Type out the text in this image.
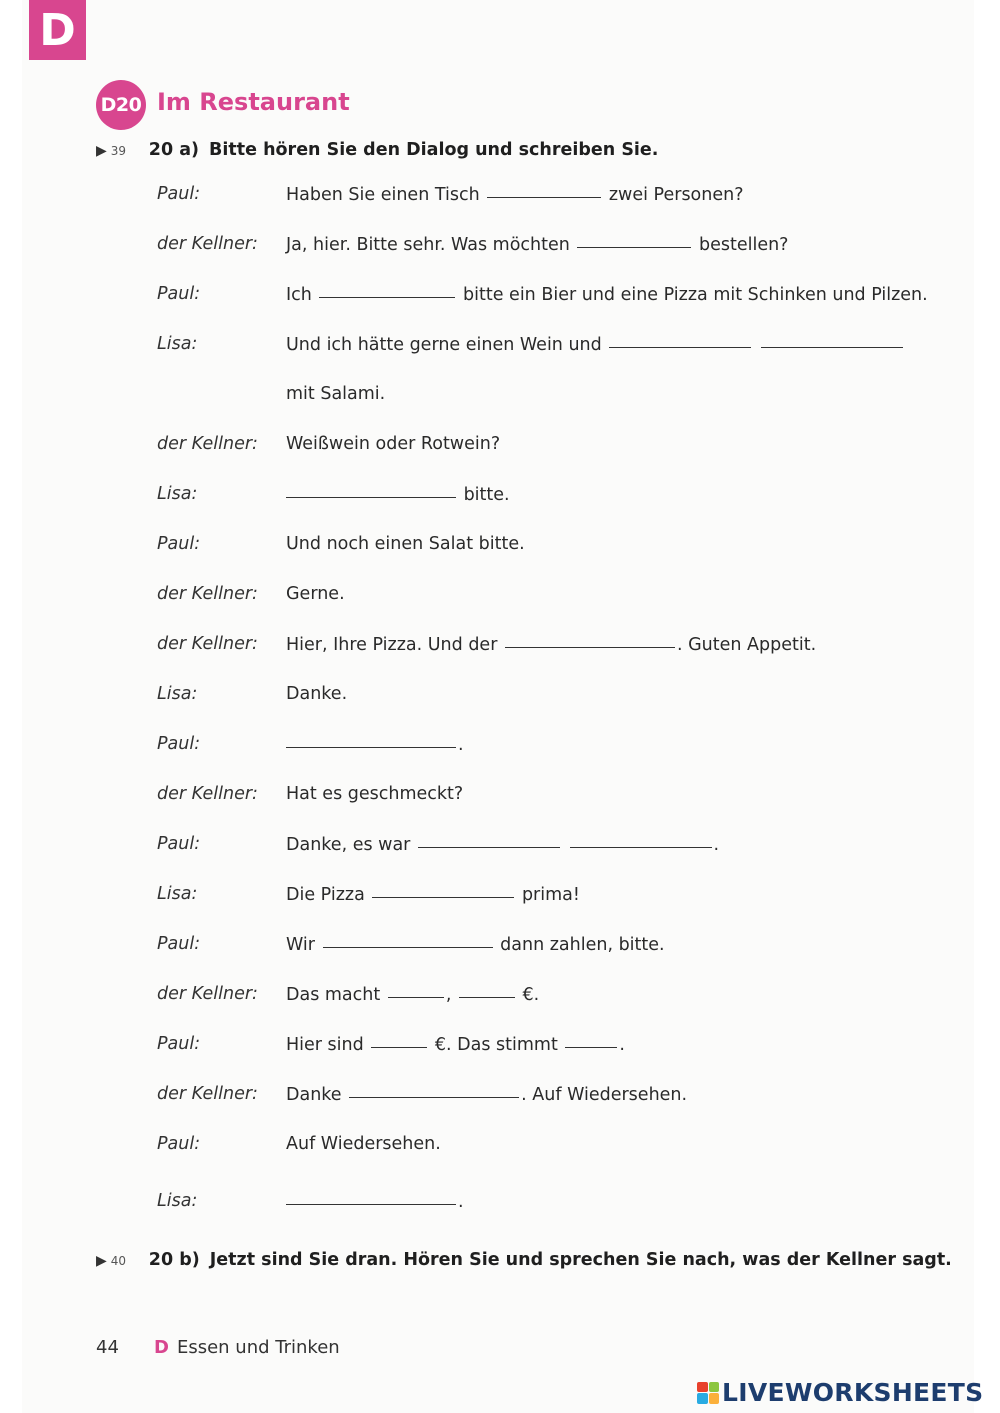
D
D20 Im Restaurant
▶ 39	20 a) Bitte hören Sie den Dialog und schreiben Sie.
Paul:	Haben Sie einen Tisch	zwei Personen?
der Kellner: Ja, hier. Bitte sehr. Was möchten	bestellen?
Paul:	Ich	bitte ein Bier und eine Pizza mit Schinken und Pilzen.
Lisa:	Und ich hätte gerne einen Wein und
mit Salami.
der Kellner: Weißwein oder Rotwein?
Lisa:	bitte.
Paul:	Und noch einen Salat bitte.
der Kellner: Gerne.
der Kellner: Hier, Ihre Pizza. Und der	. Guten Appetit.
Lisa:	Danke.
Paul:	.
der Kellner: Hat es geschmeckt?
Paul:	Danke, es war	.
Lisa:	Die Pizza	prima!
Paul:	Wir	dann zahlen, bitte.
der Kellner: Das macht	,	€.
Paul:	Hier sind	€. Das stimmt	.
der Kellner: Danke	. Auf Wiedersehen.
Paul:	Auf Wiedersehen.
Lisa:	.
▶ 40	20 b) Jetzt sind Sie dran. Hören Sie und sprechen Sie nach, was der Kellner sagt.
44	D Essen und Trinken
LIVEWORKSHEETS
